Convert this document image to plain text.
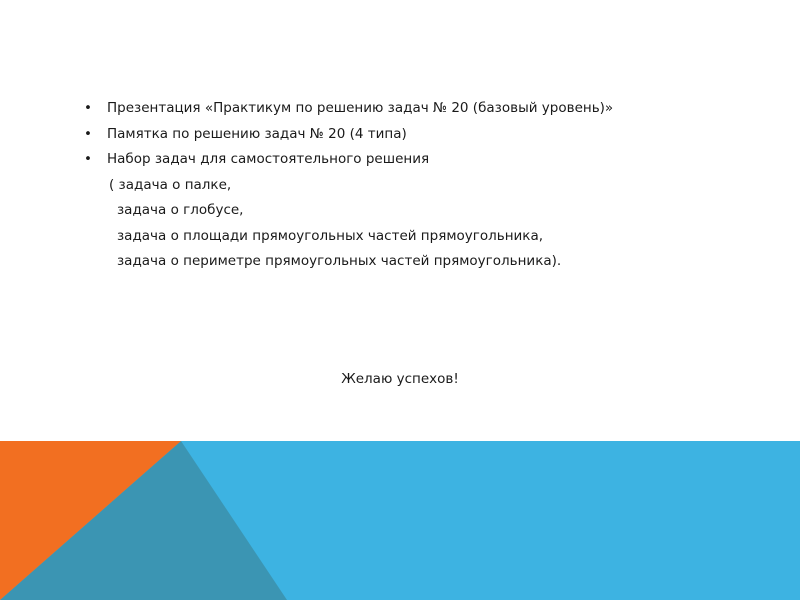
• Презентация «Практикум по решению задач № 20 (базовый уровень)»
• Памятка по решению задач № 20 (4 типа)
• Набор задач для самостоятельного решения
( задача о палке,
задача о глобусе,
задача о площади прямоугольных частей прямоугольника,
задача о периметре прямоугольных частей прямоугольника).
Желаю успехов!
